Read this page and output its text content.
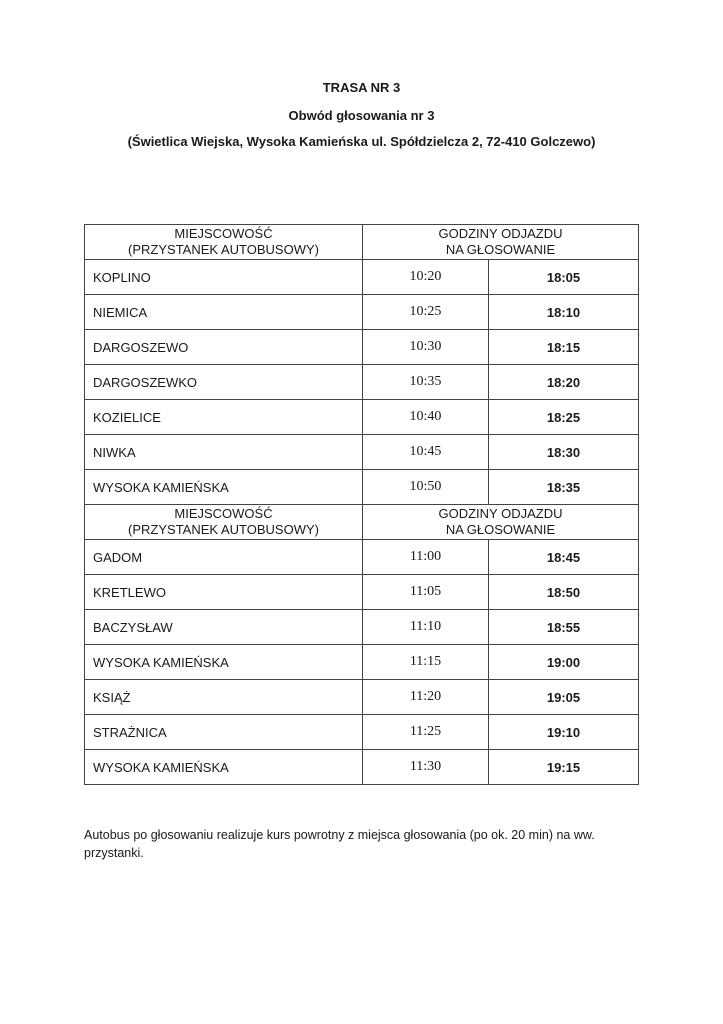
TRASA NR 3
Obwód głosowania nr 3
(Świetlica Wiejska, Wysoka Kamieńska ul. Spółdzielcza 2, 72-410 Golczewo)
MIEJSCOWOŚĆ
(PRZYSTANEK AUTOBUSOWY)	GODZINY ODJAZDU
NA GŁOSOWANIE	

KOPLINO	10:20	18:05
NIEMICA	10:25	18:10
DARGOSZEWO	10:30	18:15
DARGOSZEWKO	10:35	18:20
KOZIELICE	10:40	18:25
NIWKA	10:45	18:30
WYSOKA KAMIEŃSKA	10:50	18:35

MIEJSCOWOŚĆ
(PRZYSTANEK AUTOBUSOWY)	GODZINY ODJAZDU
NA GŁOSOWANIE	

GADOM	11:00	18:45
KRETLEWO	11:05	18:50
BACZYSŁAW	11:10	18:55
WYSOKA KAMIEŃSKA	11:15	19:00
KSIĄŻ	11:20	19:05
STRAŻNICA	11:25	19:10
WYSOKA KAMIEŃSKA	11:30	19:15
Autobus po głosowaniu realizuje kurs powrotny z miejsca głosowania (po ok. 20 min) na ww. przystanki.
